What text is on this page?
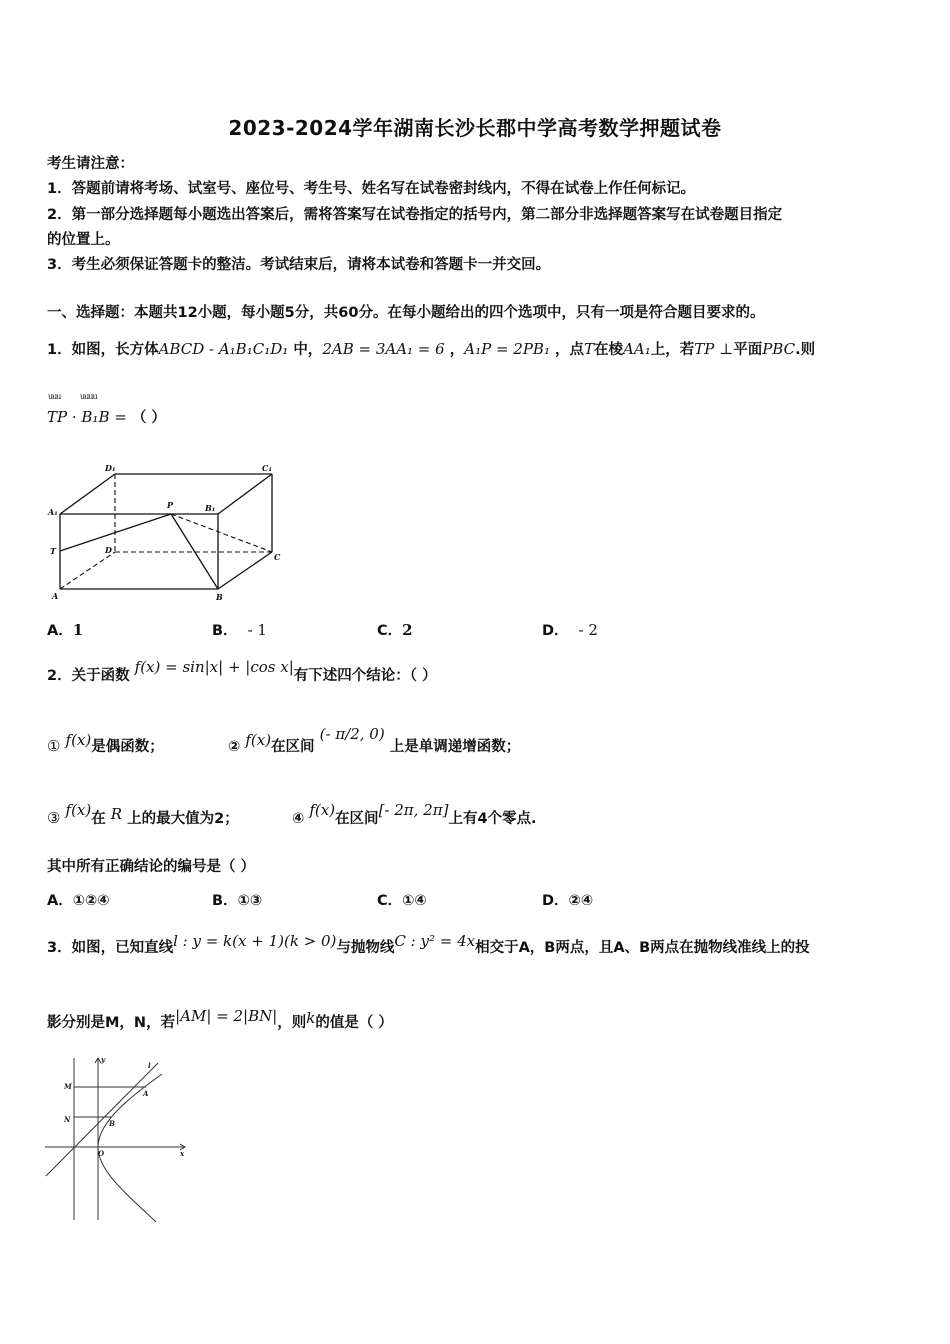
2023-2024学年湖南长沙长郡中学高考数学押题试卷
考生请注意：
1．答题前请将考场、试室号、座位号、考生号、姓名写在试卷密封线内，不得在试卷上作任何标记。
2．第一部分选择题每小题选出答案后，需将答案写在试卷指定的括号内，第二部分非选择题答案写在试卷题目指定
的位置上。
3．考生必须保证答题卡的整洁。考试结束后，请将本试卷和答题卡一并交回。
一、选择题：本题共12小题，每小题5分，共60分。在每小题给出的四个选项中，只有一项是符合题目要求的。
1．如图，长方体ABCD - A₁B₁C₁D₁ 中，2AB = 3AA₁ = 6 ，A₁P = 2PB₁ ，点T在棱AA₁上，若TP ⊥平面PBC.则
uuu uuuu
TP · B₁B = （ ）
D₁	C₁
A₁
P	B₁
T	D
C
A	B
A．1	B． - 1	C．2	D． - 2
2．关于函数 f(x) = sin|x| + |cos x|有下述四个结论：（ ）
① f(x)是偶函数；	② f(x)在区间 (- π/2, 0) 上是单调递增函数；
③ f(x)在 R 上的最大值为2；	④ f(x)在区间[- 2π, 2π]上有4个零点.
其中所有正确结论的编号是（ ）
A．①②④	B．①③	C．①④	D．②④
3．如图，已知直线l : y = k(x + 1)(k > 0)与抛物线C : y² = 4x相交于A，B两点，且A、B两点在抛物线准线上的投
影分别是M，N，若|AM| = 2|BN|，则k的值是（ ）
y
l
M
A
N	B
O	x
